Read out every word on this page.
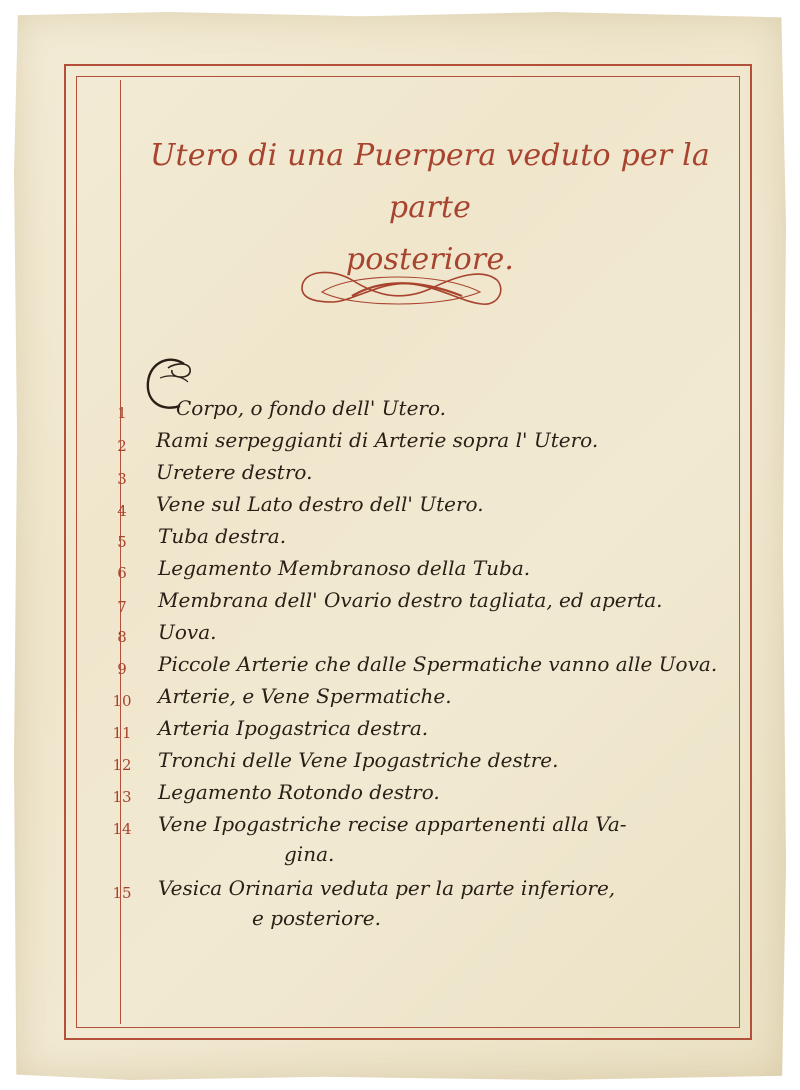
Utero di una Puerpera veduto per la parte
posteriore.
1
2
3
4
5
6
7
8
9
10
11
12
13
14
15
Corpo, o fondo dell' Utero.
Rami serpeggianti di Arterie sopra l' Utero.
Uretere destro.
Vene sul Lato destro dell' Utero.
Tuba destra.
Legamento Membranoso della Tuba.
Membrana dell' Ovario destro tagliata, ed aperta.
Uova.
Piccole Arterie che dalle Spermatiche vanno alle Uova.
Arterie, e Vene Spermatiche.
Arteria Ipogastrica destra.
Tronchi delle Vene Ipogastriche destre.
Legamento Rotondo destro.
Vene Ipogastriche recise appartenenti alla Va-
gina.
Vesica Orinaria veduta per la parte inferiore,
e posteriore.
